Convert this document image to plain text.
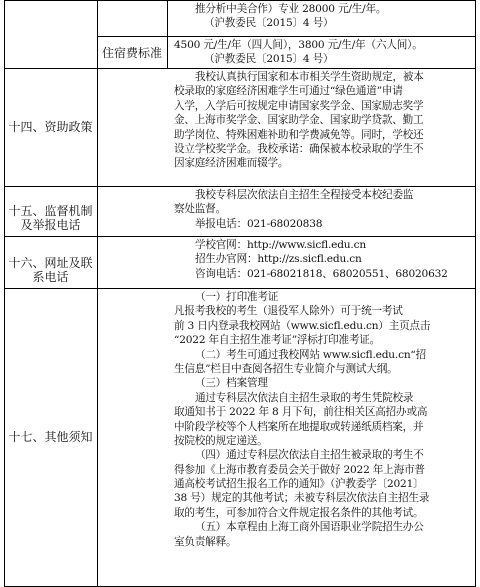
推分析中美合作）专业 28000 元/生/年。
（沪教委民〔2015〕4 号）
住宿费标准
4500 元/生/年（四人间），3800 元/生/年（六人间）。
（沪教委民〔2015〕4 号）
十四、资助政策
我校认真执行国家和本市相关学生资助规定，被本
校录取的家庭经济困难学生可通过“绿色通道”申请
入学，入学后可按规定申请国家奖学金、国家励志奖学
金、上海市奖学金、国家助学金、国家助学贷款、勤工
助学岗位、特殊困难补助和学费减免等。同时，学校还
设立学校奖学金。我校承诺：确保被本校录取的学生不
因家庭经济困难而辍学。
十五、监督机制及举报电话
我校专科层次依法自主招生全程接受本校纪委监
察处监督。
举报电话：021-68020838
十六、网址及联系电话
学校官网：http://www.sicfl.edu.cn
招生办官网：http://zs.sicfl.edu.cn
咨询电话：021-68021818、68020551、68020632
十七、其他须知
（一）打印准考证
凡报考我校的考生（退役军人除外）可于统一考试
前 3 日内登录我校网站（www.sicfl.edu.cn）主页点击
“2022 年自主招生准考证”浮标打印准考证。
（二）考生可通过我校网站 www.sicfl.edu.cn“招
生信息”栏目中查阅各招生专业简介与测试大纲。
（三）档案管理
通过专科层次依法自主招生录取的考生凭院校录
取通知书于 2022 年 8 月下旬，前往相关区高招办或高
中阶段学校等个人档案所在地提取或转递纸质档案，并
按院校的规定递送。
（四）通过专科层次依法自主招生被录取的考生不
得参加《上海市教育委员会关于做好 2022 年上海市普
通高校考试招生报名工作的通知》（沪教委学〔2021〕
38 号）规定的其他考试；未被专科层次依法自主招生录
取的考生，可参加符合文件规定报名条件的其他考试。
（五）本章程由上海工商外国语职业学院招生办公
室负责解释。
